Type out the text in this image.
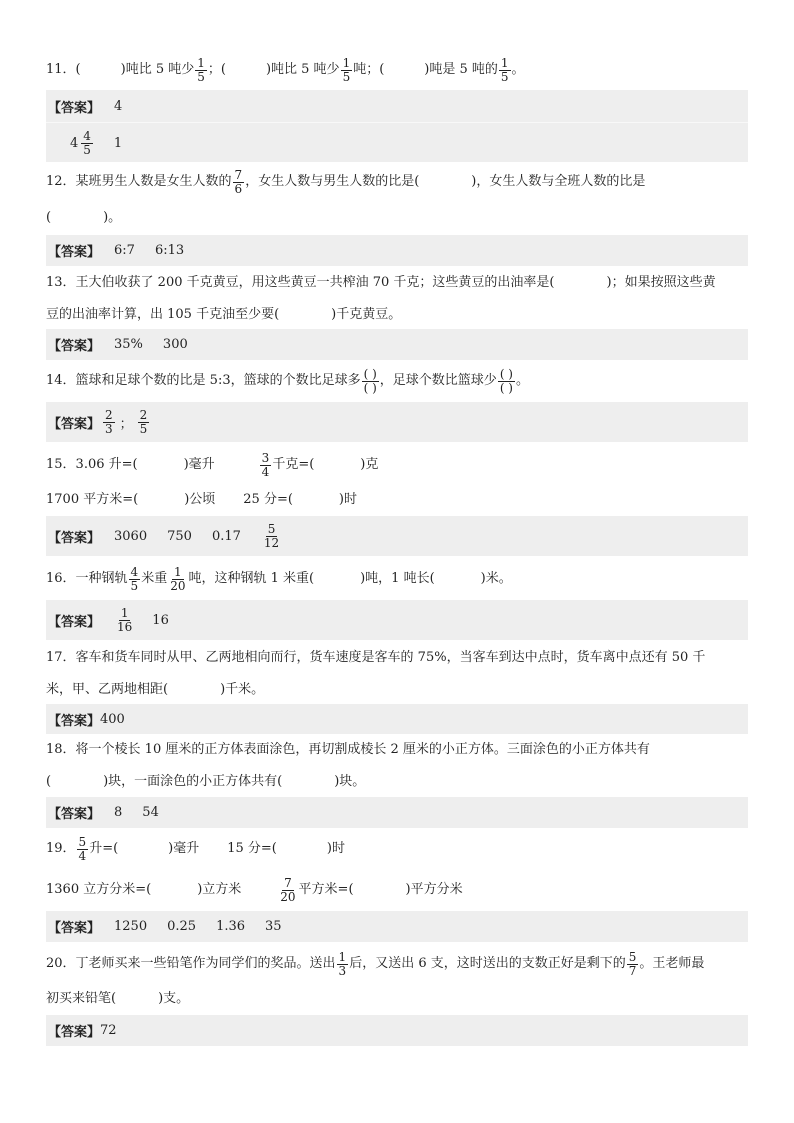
11． (	)吨比 5 吨少 $\frac{1}{5}$ ；(	)吨比 5 吨少 $\frac{1}{5}$ 吨；(	)吨是 5 吨的 $\frac{1}{5}$ 。
【答案】 4
$4 \frac{4}{5} 1$
12．某班男生人数是女生人数的 $\frac{7}{6}$ ，女生人数与男生人数的比是(	)，女生人数与全班人数的比是
(	)。
【答案】 6:7 6:13
13．王大伯收获了 200 千克黄豆，用这些黄豆一共榨油 70 千克；这些黄豆的出油率是(	)；如果按照这些黄
豆的出油率计算，出 105 千克油至少要(	)千克黄豆。
【答案】 35% 300
14．篮球和足球个数的比是 5:3，篮球的个数比足球多 $\frac{( )}{( )}$ ，足球个数比篮球少 $\frac{( )}{( )}$ 。
【答案】 $\frac{2}{3}$ ； $\frac{2}{5}$
15．3.06 升=(	)毫升	$\frac{3}{4}$ 千克=(	)克
1700 平方米=(	)公顷 25 分=(	)时
【答案】 3060 750 $0.17 \frac{5}{12}$
16．一种钢轨 $\frac{4}{5}$ 米重 $\frac{1}{20}$ 吨，这种钢轨 1 米重(	)吨，1 吨长(	)米。
【答案】 $\frac{1}{16} 16$
17．客车和货车同时从甲、乙两地相向而行，货车速度是客车的 75%，当客车到达中点时，货车离中点还有 50 千
米，甲、乙两地相距(	)千米。
【答案】 400
18．将一个棱长 10 厘米的正方体表面涂色，再切割成棱长 2 厘米的小正方体。三面涂色的小正方体共有
(	)块，一面涂色的小正方体共有(	)块。
【答案】 8 54
19． $\frac{5}{4}$ 升=(	)毫升 15 分=(	)时
1360 立方分米=(	)立方米	$\frac{7}{20}$ 平方米=(	)平方分米
【答案】 1250 0.25 1.36 35
20．丁老师买来一些铅笔作为同学们的奖品。送出 $\frac{1}{3}$ 后，又送出 6 支，这时送出的支数正好是剩下的 $\frac{5}{7}$ 。王老师最
初买来铅笔(	)支。
【答案】 72
